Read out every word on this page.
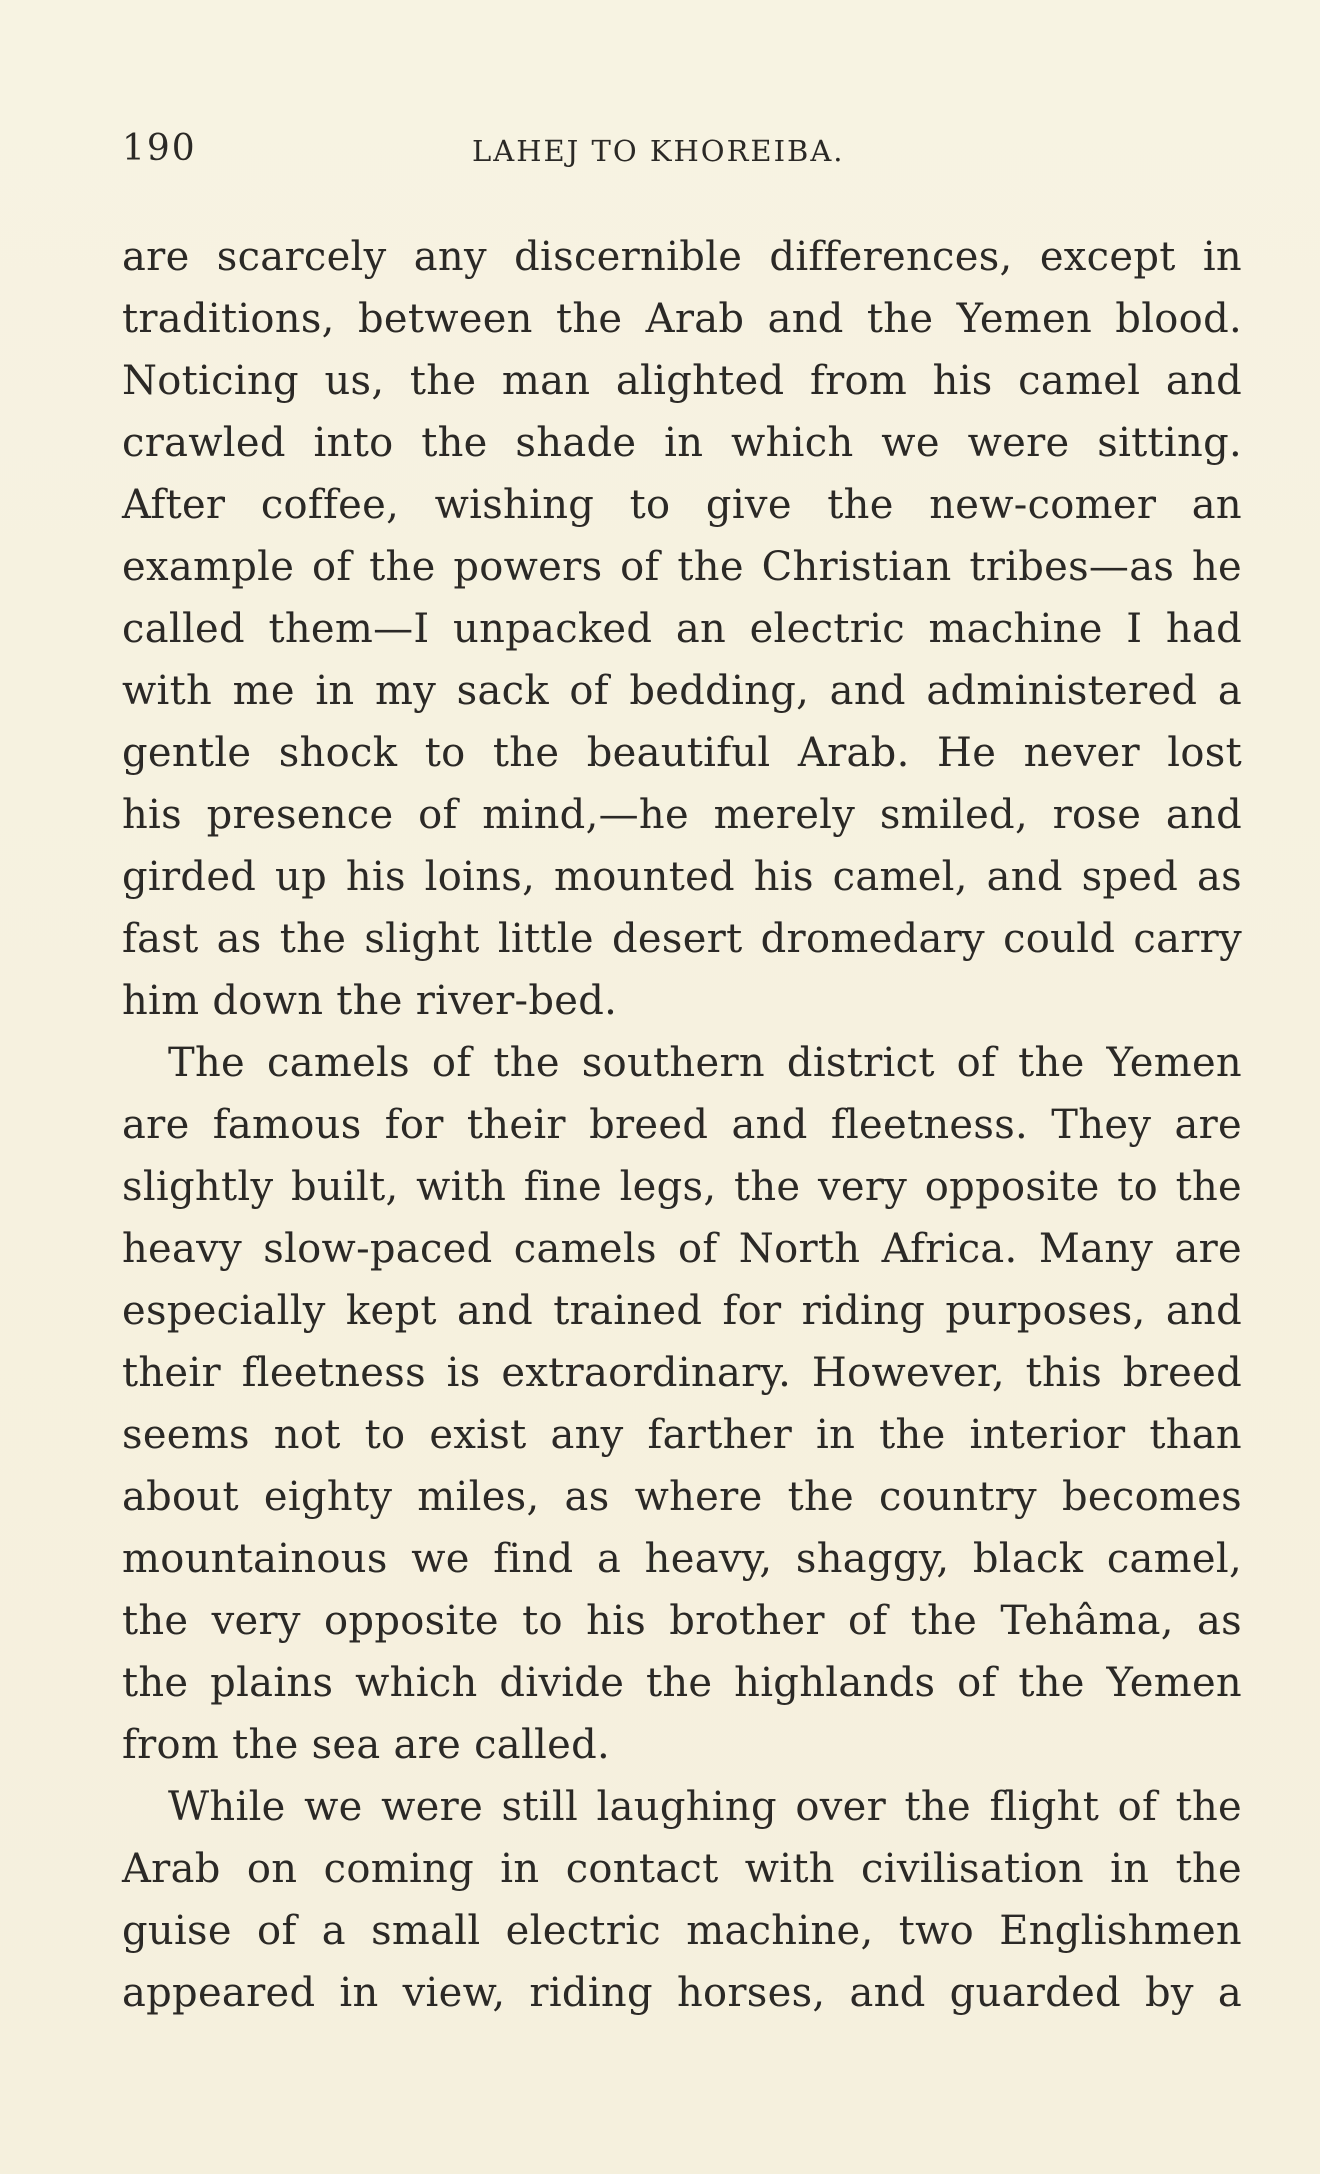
190	LAHEJ TO KHOREIBA.
are scarcely any discernible differences, except in
traditions, between the Arab and the Yemen blood.
Noticing us, the man alighted from his camel and
crawled into the shade in which we were sitting.
After coffee, wishing to give the new-comer an
example of the powers of the Christian tribes—as he
called them—I unpacked an electric machine I had
with me in my sack of bedding, and administered a
gentle shock to the beautiful Arab. He never lost
his presence of mind,—he merely smiled, rose and
girded up his loins, mounted his camel, and sped as
fast as the slight little desert dromedary could carry
him down the river-bed.
The camels of the southern district of the Yemen
are famous for their breed and fleetness. They are
slightly built, with fine legs, the very opposite to the
heavy slow-paced camels of North Africa. Many are
especially kept and trained for riding purposes, and
their fleetness is extraordinary. However, this breed
seems not to exist any farther in the interior than
about eighty miles, as where the country becomes
mountainous we find a heavy, shaggy, black camel,
the very opposite to his brother of the Tehâma, as
the plains which divide the highlands of the Yemen
from the sea are called.
While we were still laughing over the flight of the
Arab on coming in contact with civilisation in the
guise of a small electric machine, two Englishmen
appeared in view, riding horses, and guarded by a
